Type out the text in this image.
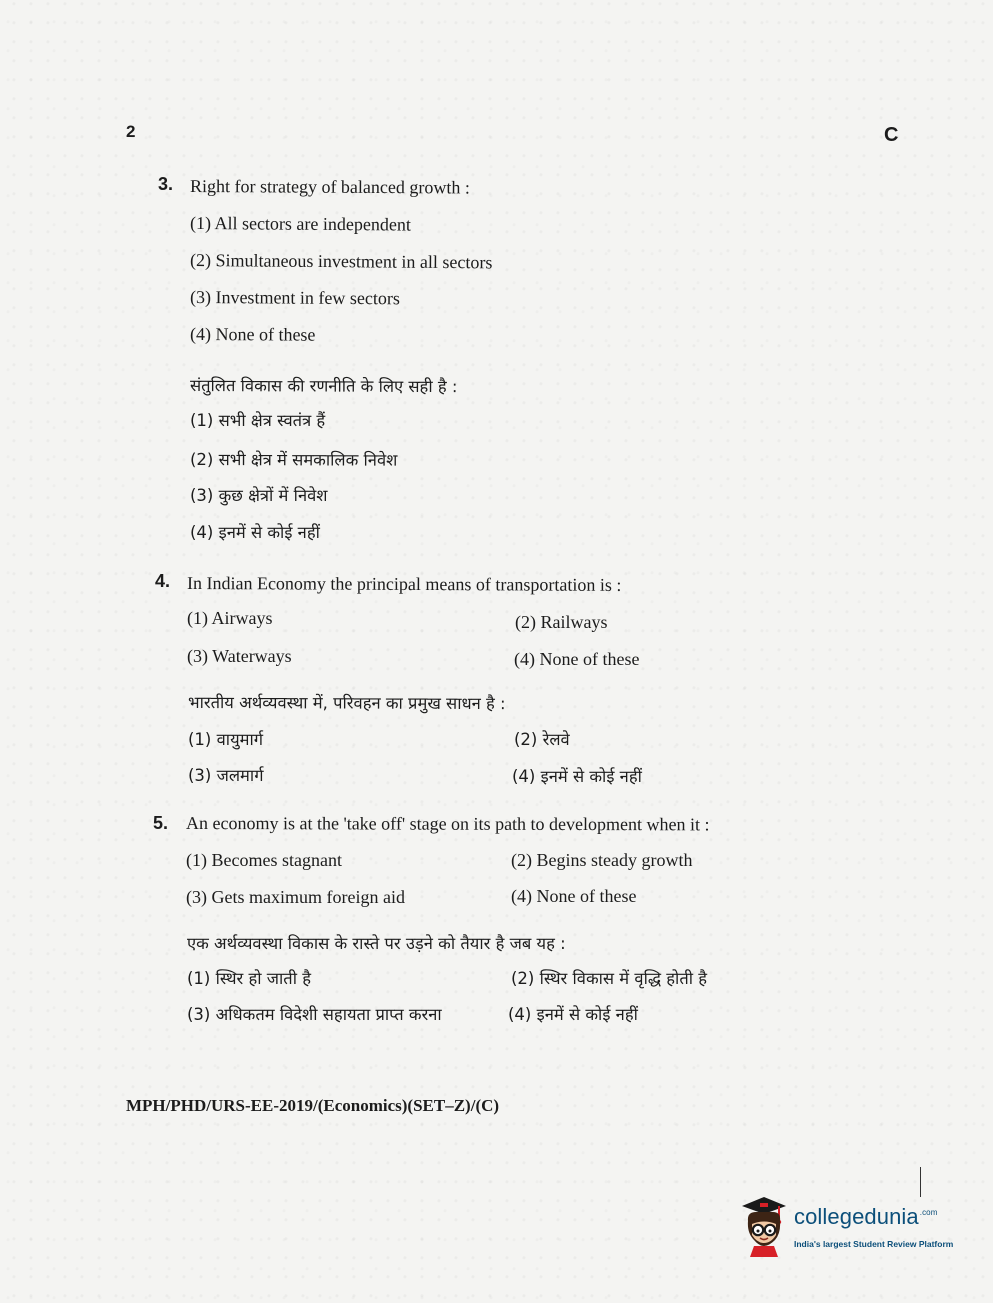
2	C
3. Right for strategy of balanced growth :
(1) All sectors are independent
(2) Simultaneous investment in all sectors
(3) Investment in few sectors
(4) None of these
संतुलित विकास की रणनीति के लिए सही है :
(1) सभी क्षेत्र स्वतंत्र हैं
(2) सभी क्षेत्र में समकालिक निवेश
(3) कुछ क्षेत्रों में निवेश
(4) इनमें से कोई नहीं
4. In Indian Economy the principal means of transportation is :
(1) Airways	(2) Railways
(3) Waterways	(4) None of these
भारतीय अर्थव्यवस्था में, परिवहन का प्रमुख साधन है :
(1) वायुमार्ग	(2) रेलवे
(3) जलमार्ग	(4) इनमें से कोई नहीं
5. An economy is at the 'take off' stage on its path to development when it :
(1) Becomes stagnant	(2) Begins steady growth
(3) Gets maximum foreign aid	(4) None of these
एक अर्थव्यवस्था विकास के रास्ते पर उड़ने को तैयार है जब यह :
(1) स्थिर हो जाती है	(2) स्थिर विकास में वृद्धि होती है
(3) अधिकतम विदेशी सहायता प्राप्त करना	(4) इनमें से कोई नहीं
MPH/PHD/URS-EE-2019/(Economics)(SET–Z)/(C)
collegedunia$^{.com}$
India's largest Student Review Platform
